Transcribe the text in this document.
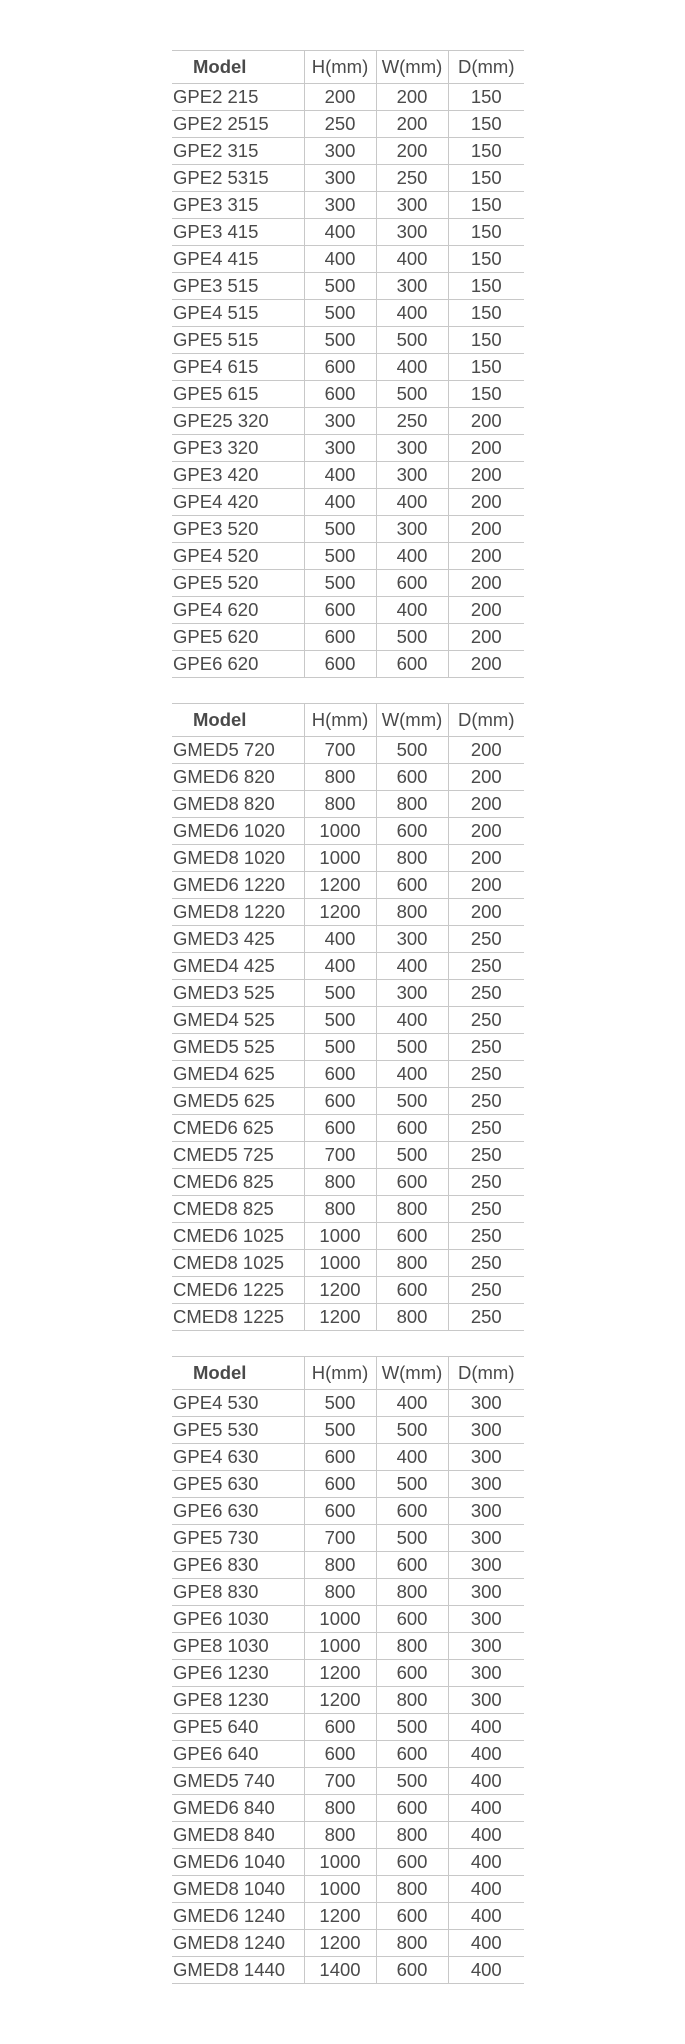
Model	H(mm)	W(mm)	D(mm)
GPE2 215	200	200	150
GPE2 2515	250	200	150
GPE2 315	300	200	150
GPE2 5315	300	250	150
GPE3 315	300	300	150
GPE3 415	400	300	150
GPE4 415	400	400	150
GPE3 515	500	300	150
GPE4 515	500	400	150
GPE5 515	500	500	150
GPE4 615	600	400	150
GPE5 615	600	500	150
GPE25 320	300	250	200
GPE3 320	300	300	200
GPE3 420	400	300	200
GPE4 420	400	400	200
GPE3 520	500	300	200
GPE4 520	500	400	200
GPE5 520	500	600	200
GPE4 620	600	400	200
GPE5 620	600	500	200
GPE6 620	600	600	200
Model	H(mm)	W(mm)	D(mm)
GMED5 720	700	500	200
GMED6 820	800	600	200
GMED8 820	800	800	200
GMED6 1020	1000	600	200
GMED8 1020	1000	800	200
GMED6 1220	1200	600	200
GMED8 1220	1200	800	200
GMED3 425	400	300	250
GMED4 425	400	400	250
GMED3 525	500	300	250
GMED4 525	500	400	250
GMED5 525	500	500	250
GMED4 625	600	400	250
GMED5 625	600	500	250
CMED6 625	600	600	250
CMED5 725	700	500	250
CMED6 825	800	600	250
CMED8 825	800	800	250
CMED6 1025	1000	600	250
CMED8 1025	1000	800	250
CMED6 1225	1200	600	250
CMED8 1225	1200	800	250
Model	H(mm)	W(mm)	D(mm)
GPE4 530	500	400	300
GPE5 530	500	500	300
GPE4 630	600	400	300
GPE5 630	600	500	300
GPE6 630	600	600	300
GPE5 730	700	500	300
GPE6 830	800	600	300
GPE8 830	800	800	300
GPE6 1030	1000	600	300
GPE8 1030	1000	800	300
GPE6 1230	1200	600	300
GPE8 1230	1200	800	300
GPE5 640	600	500	400
GPE6 640	600	600	400
GMED5 740	700	500	400
GMED6 840	800	600	400
GMED8 840	800	800	400
GMED6 1040	1000	600	400
GMED8 1040	1000	800	400
GMED6 1240	1200	600	400
GMED8 1240	1200	800	400
GMED8 1440	1400	600	400
